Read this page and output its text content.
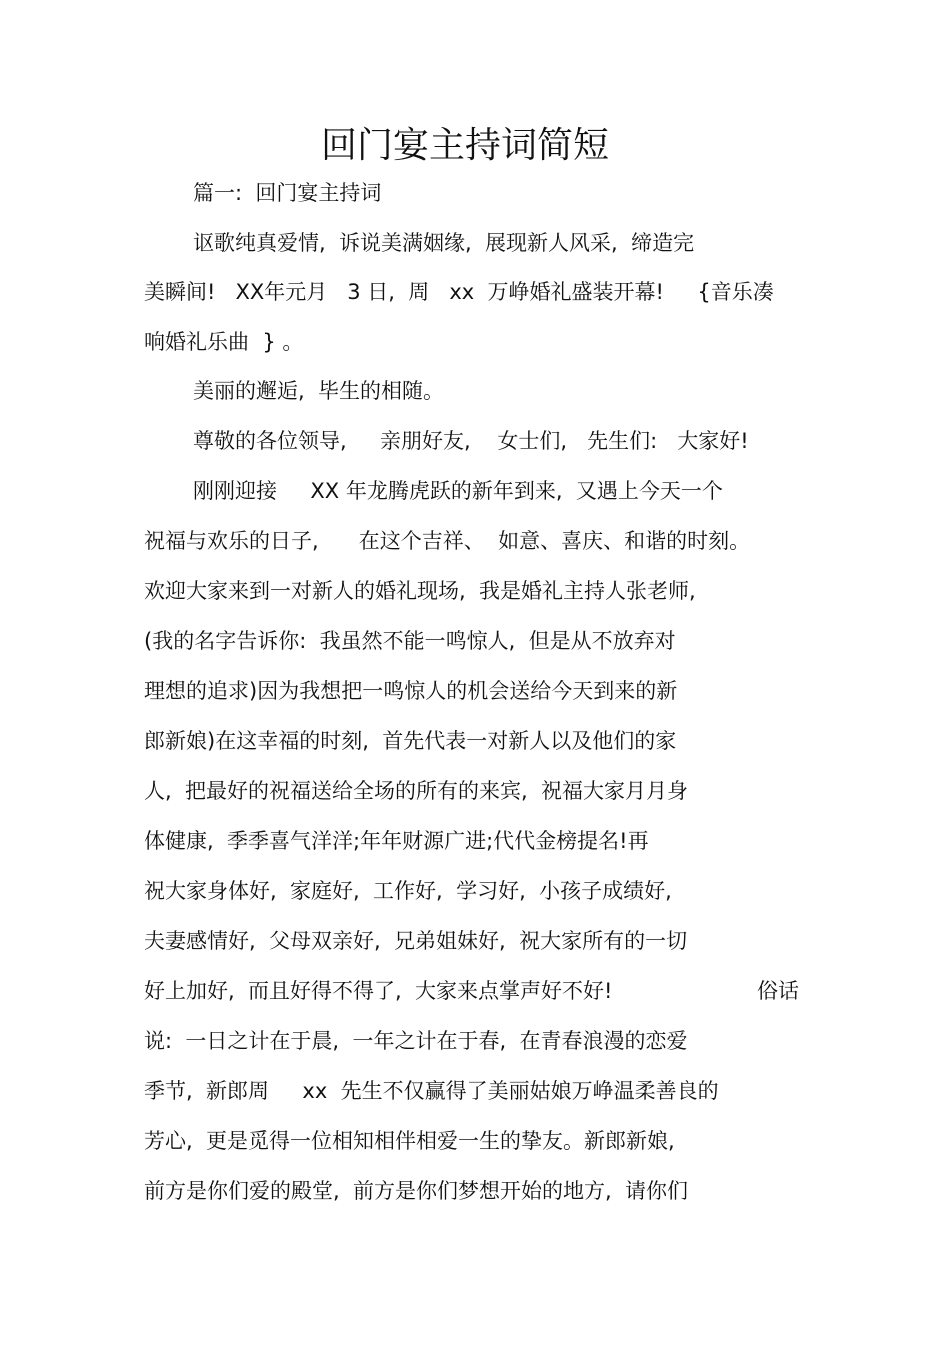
回门宴主持词简短
篇一:  回门宴主持词
讴歌纯真爱情,  诉说美满姻缘,  展现新人风采,  缔造完
美瞬间!   XX年元月   3 日,  周   xx  万峥婚礼盛装开幕!     {音乐凑
响婚礼乐曲  } 。
美丽的邂逅,  毕生的相随。
尊敬的各位领导,     亲朋好友,    女士们,   先生们:   大家好!
刚刚迎接     XX 年龙腾虎跃的新年到来,  又遇上今天一个
祝福与欢乐的日子,      在这个吉祥、  如意、喜庆、和谐的时刻。
欢迎大家来到一对新人的婚礼现场,  我是婚礼主持人张老师,
(我的名字告诉你:  我虽然不能一鸣惊人,  但是从不放弃对
理想的追求)因为我想把一鸣惊人的机会送给今天到来的新
郎新娘)在这幸福的时刻,  首先代表一对新人以及他们的家
人,  把最好的祝福送给全场的所有的来宾,  祝福大家月月身
体健康,  季季喜气洋洋;年年财源广进;代代金榜提名!再
祝大家身体好,  家庭好,  工作好,  学习好,  小孩子成绩好,
夫妻感情好,  父母双亲好,  兄弟姐妹好,  祝大家所有的一切
好上加好,  而且好得不得了,  大家来点掌声好不好!	俗话
说:  一日之计在于晨,  一年之计在于春,  在青春浪漫的恋爱
季节,  新郎周     xx  先生不仅赢得了美丽姑娘万峥温柔善良的
芳心,  更是觅得一位相知相伴相爱一生的挚友。新郎新娘,
前方是你们爱的殿堂,  前方是你们梦想开始的地方,  请你们
